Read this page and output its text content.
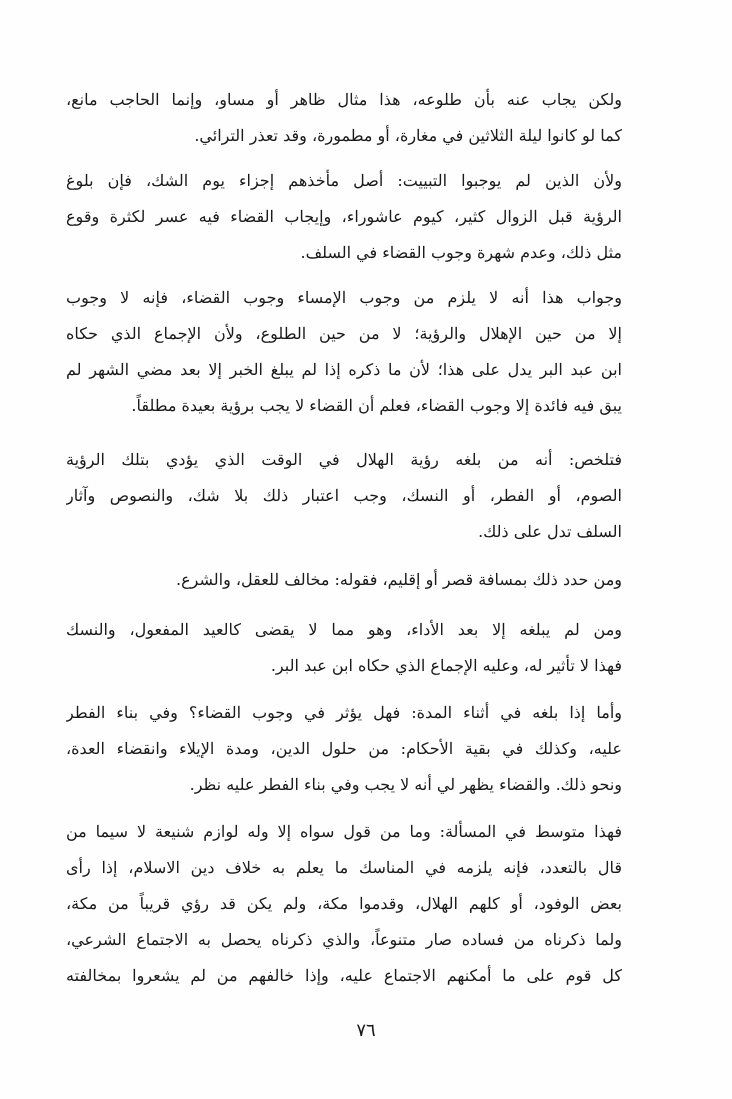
ولكن يجاب عنه بأن طلوعه، هذا مثال ظاهر أو مساو، وإنما الحاجب مانع،
كما لو كانوا ليلة الثلاثين في مغارة، أو مطمورة، وقد تعذر الترائي.
ولأن الذين لم يوجبوا التبييت: أصل مأخذهم إجزاء يوم الشك، فإن بلوغ
الرؤية قبل الزوال كثير، كيوم عاشوراء، وإيجاب القضاء فيه عسر لكثرة وقوع
مثل ذلك، وعدم شهرة وجوب القضاء في السلف.
وجواب هذا أنه لا يلزم من وجوب الإمساء وجوب القضاء، فإنه لا وجوب
إلا من حين الإهلال والرؤية؛ لا من حين الطلوع، ولأن الإجماع الذي حكاه
ابن عبد البر يدل على هذا؛ لأن ما ذكره إذا لم يبلغ الخبر إلا بعد مضي الشهر لم
يبق فيه فائدة إلا وجوب القضاء، فعلم أن القضاء لا يجب برؤية بعيدة مطلقاً.
فتلخص: أنه من بلغه رؤية الهلال في الوقت الذي يؤدي بتلك الرؤية
الصوم، أو الفطر، أو النسك، وجب اعتبار ذلك بلا شك، والنصوص وآثار
السلف تدل على ذلك.
ومن حدد ذلك بمسافة قصر أو إقليم، فقوله: مخالف للعقل، والشرع.
ومن لم يبلغه إلا بعد الأداء، وهو مما لا يقضى كالعيد المفعول، والنسك
فهذا لا تأثير له، وعليه الإجماع الذي حكاه ابن عبد البر.
وأما إذا بلغه في أثناء المدة: فهل يؤثر في وجوب القضاء؟ وفي بناء الفطر
عليه، وكذلك في بقية الأحكام: من حلول الدين، ومدة الإيلاء وانقضاء العدة،
ونحو ذلك. والقضاء يظهر لي أنه لا يجب وفي بناء الفطر عليه نظر.
فهذا متوسط في المسألة: وما من قول سواه إلا وله لوازم شنيعة لا سيما من
قال بالتعدد، فإنه يلزمه في المناسك ما يعلم به خلاف دين الاسلام، إذا رأى
بعض الوفود، أو كلهم الهلال، وقدموا مكة، ولم يكن قد رؤي قريباً من مكة،
ولما ذكرناه من فساده صار متنوعاً، والذي ذكرناه يحصل به الاجتماع الشرعي،
كل قوم على ما أمكنهم الاجتماع عليه، وإذا خالفهم من لم يشعروا بمخالفته
٧٦
